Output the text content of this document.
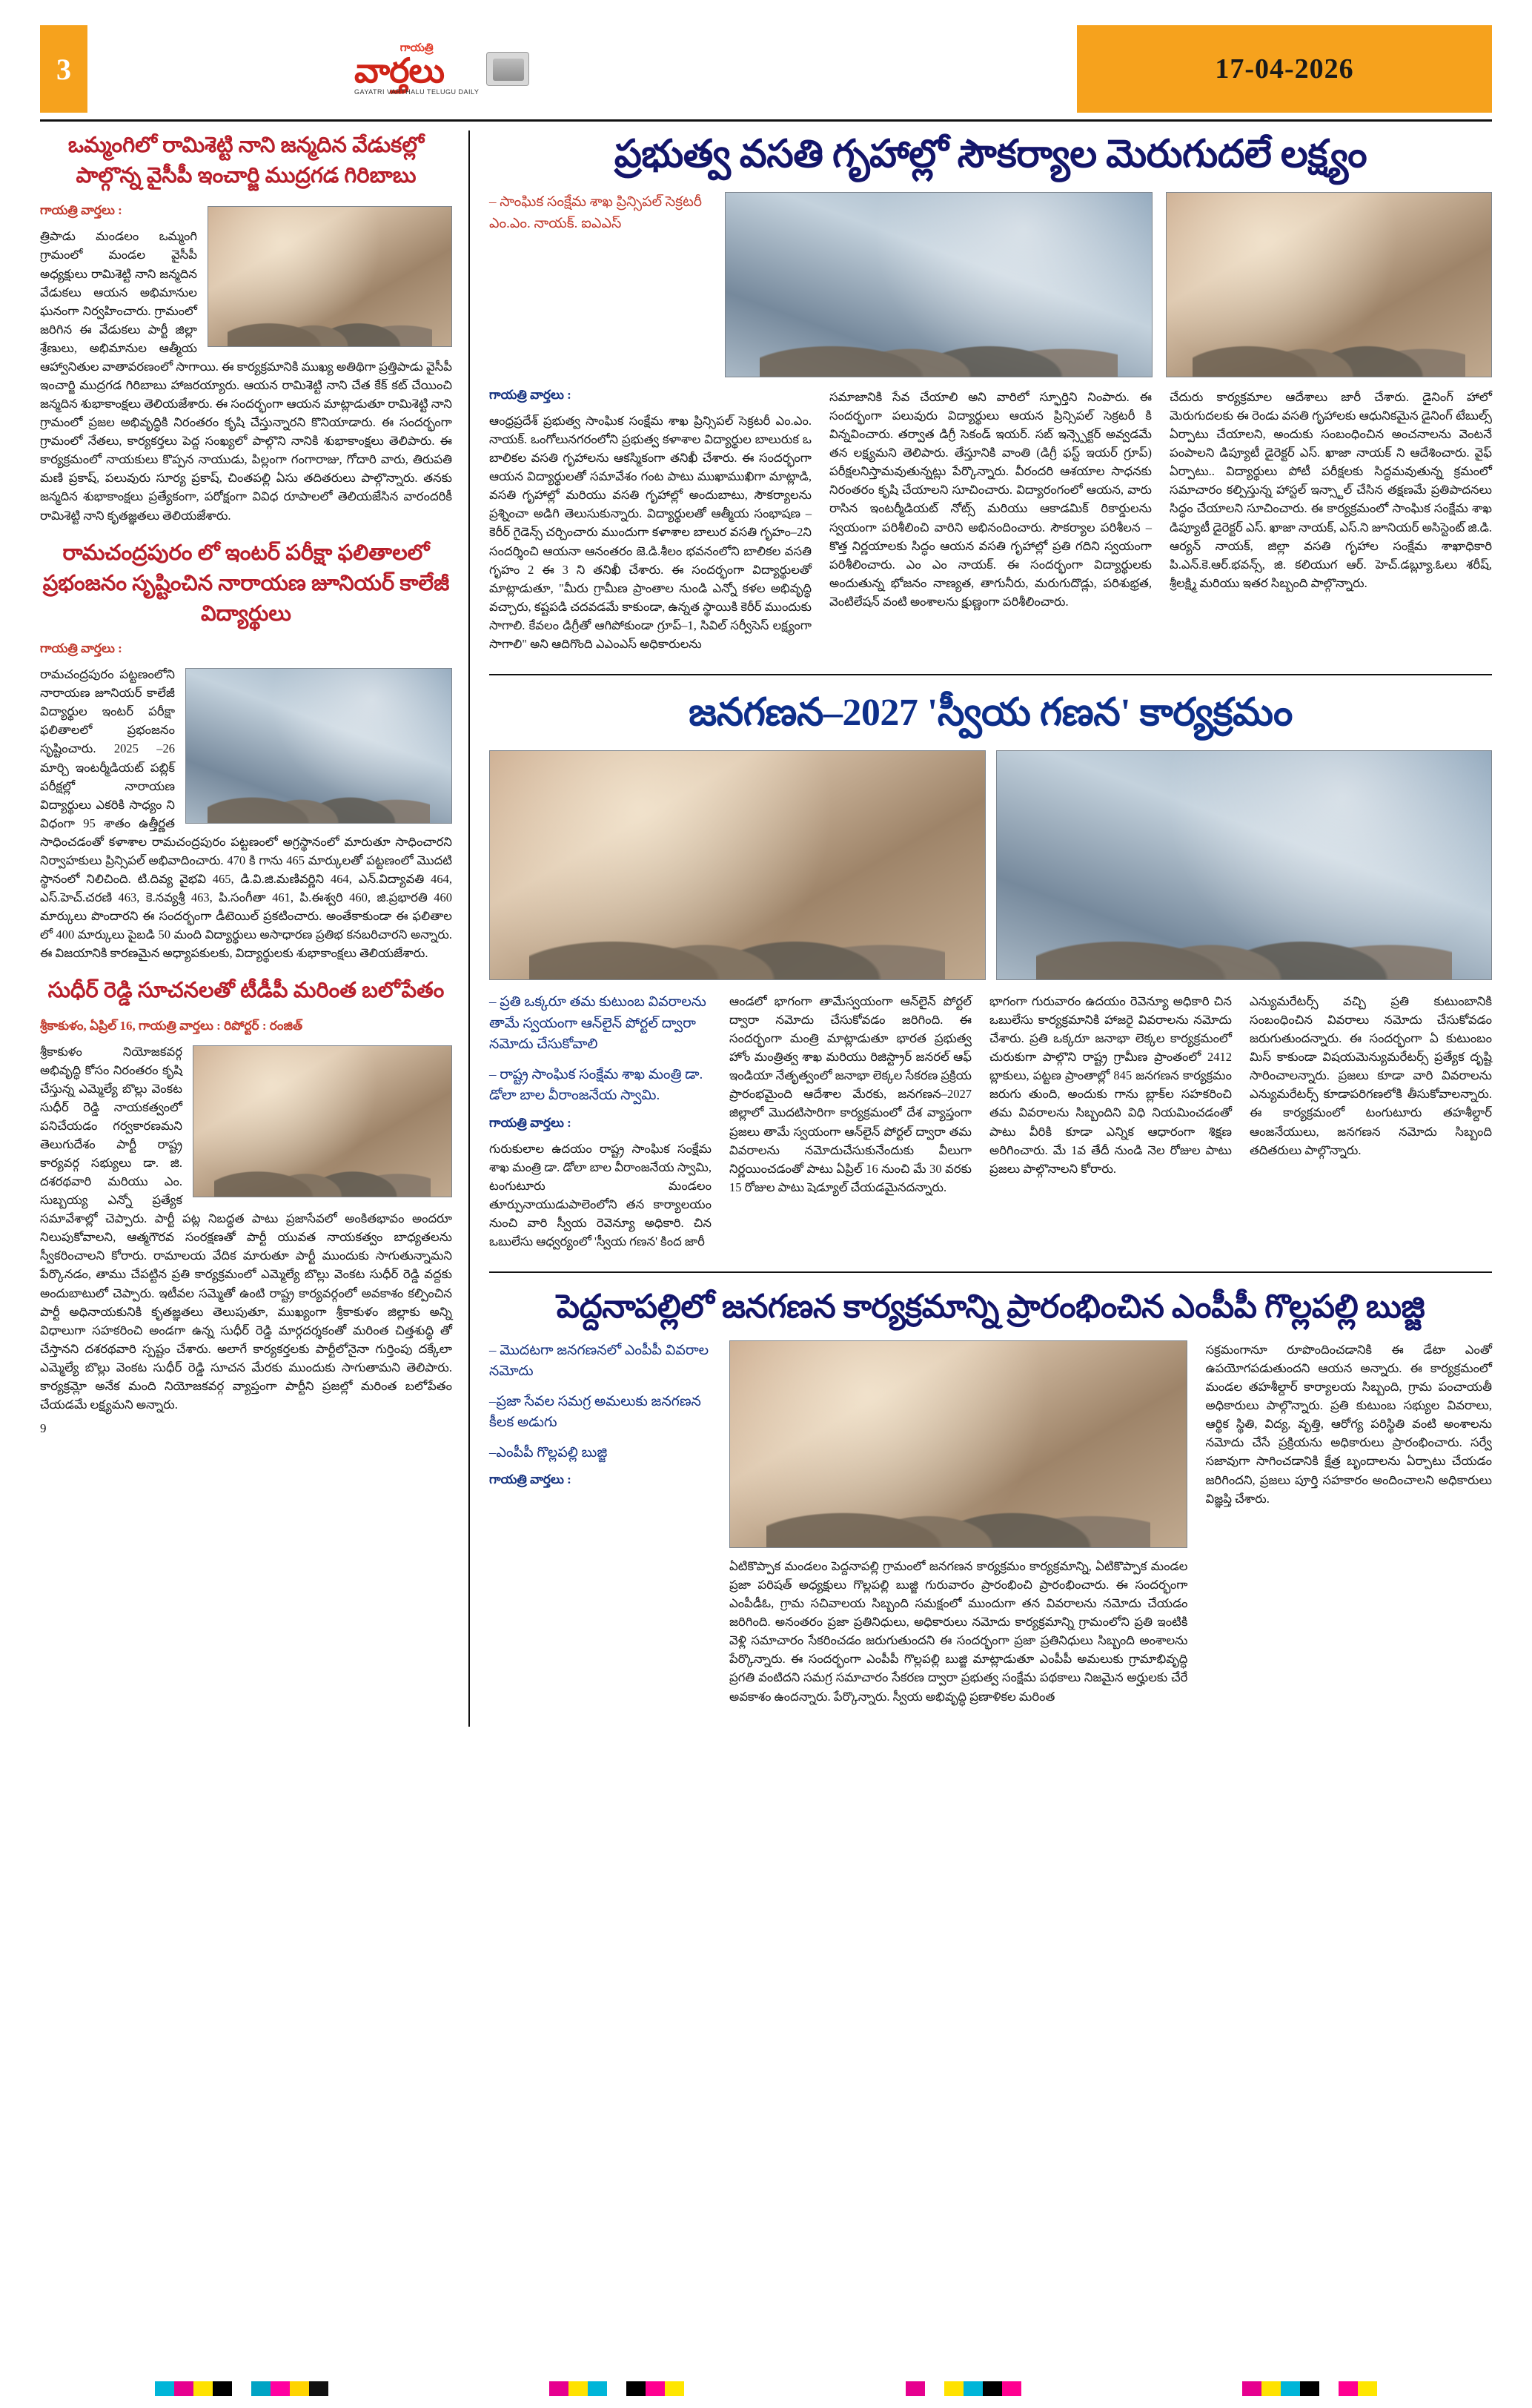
3
గాయత్రి
వార్తలు
GAYATRI VARTHALU TELUGU DAILY
17-04-2026
ఒమ్మంగిలో రామిశెట్టి నాని జన్మదిన వేడుకల్లో పాల్గొన్న వైసీపీ ఇంచార్జి ముద్రగడ గిరిబాబు
గాయత్రి వార్తలు :

త్రిపాడు మండలం ఒమ్మంగి గ్రామంలో మండల వైసీపీ అధ్యక్షులు రామిశెట్టి నాని జన్మదిన వేడుకలు ఆయన అభిమానుల ఘనంగా నిర్వహించారు. గ్రామంలో జరిగిన ఈ వేడుకలు పార్టీ జిల్లా శ్రేణులు, అభిమానుల ఆత్మీయ ఆహ్వానితుల వాతావరణంలో సాగాయి. ఈ కార్యక్రమానికి ముఖ్య అతిథిగా ప్రత్తిపాడు వైసీపీ ఇంచార్జి ముద్రగడ గిరిబాబు హాజరయ్యారు. ఆయన రామిశెట్టి నాని చేత కేక్ కట్ చేయించి జన్మదిన శుభాకాంక్షలు తెలియజేశారు. ఈ సందర్భంగా ఆయన మాట్లాడుతూ రామిశెట్టి నాని గ్రామంలో ప్రజల అభివృద్ధికి నిరంతరం కృషి చేస్తున్నారని కొనియాడారు. ఈ సందర్భంగా గ్రామంలో నేతలు, కార్యకర్తలు పెద్ద సంఖ్యలో పాల్గొని నానికి శుభాకాంక్షలు తెలిపారు. ఈ కార్యక్రమంలో నాయకులు కొప్పన నాయుడు, పిల్లంగా గంగారాజు, గోదారి వారు, తిరుపతి మణి ప్రకాష్, పలువురు సూర్య ప్రకాష్, చింతపల్లి ఏసు తదితరులు పాల్గొన్నారు. తనకు జన్మదిన శుభాకాంక్షలు ప్రత్యేకంగా, పరోక్షంగా వివిధ రూపాలలో తెలియజేసిన వారందరికీ రామిశెట్టి నాని కృతజ్ఞతలు తెలియజేశారు.

రామచంద్రపురం లో ఇంటర్ పరీక్షా ఫలితాలలో ప్రభంజనం సృష్టించిన నారాయణ జూనియర్ కాలేజీ విద్యార్థులు
గాయత్రి వార్తలు :

రామచంద్రపురం పట్టణంలోని నారాయణ జూనియర్ కాలేజీ విద్యార్థుల ఇంటర్ పరీక్షా ఫలితాలలో ప్రభంజనం సృష్టించారు. 2025 –26 మార్చి ఇంటర్మీడియట్ పబ్లిక్ పరీక్షల్లో నారాయణ విద్యార్థులు ఎకరికి సాధ్యం ని విధంగా 95 శాతం ఉత్తీర్ణత సాధించడంతో కళాశాల రామచంద్రపురం పట్టణంలో అగ్రస్థానంలో మారుతూ సాధించారని నిర్వాహకులు ప్రిన్సిపల్ అభివాదించారు. 470 కి గాను 465 మార్కులతో పట్టణంలో మొదటి స్థానంలో నిలిచింది. టి.దివ్య వైభవి 465, డి.వి.జి.మణివర్ణిని 464, ఎన్.విద్యావతి 464, ఎస్.హెచ్.చరణి 463, కె.నవ్యశ్రీ 463, పి.సంగీతా 461, పి.ఈశ్వరి 460, జి.ప్రభారతి 460 మార్కులు పొందారని ఈ సందర్భంగా డీటెయిల్ ప్రకటించారు. అంతేకాకుండా ఈ ఫలితాల లో 400 మార్కులు పైబడి 50 మంది విద్యార్థులు అసాధారణ ప్రతిభ కనబరిచారని అన్నారు. ఈ విజయానికి కారణమైన అధ్యాపకులకు, విద్యార్థులకు శుభాకాంక్షలు తెలియజేశారు.

సుధీర్ రెడ్డి సూచనలతో టీడీపీ మరింత బలోపేతం
శ్రీకాకుళం, ఏప్రిల్ 16, గాయత్రి వార్తలు : రిపోర్టర్ : రంజిత్

శ్రీకాకుళం నియోజకవర్గ అభివృద్ధి కోసం నిరంతరం కృషి చేస్తున్న ఎమ్మెల్యే బొల్లు వెంకట సుధీర్ రెడ్డి నాయకత్వంలో పనిచేయడం గర్వకారణమని తెలుగుదేశం పార్టీ రాష్ట్ర కార్యవర్గ సభ్యులు డా. జి. దశరథవారి మరియు ఎం. సుబ్బయ్య ఎన్నో ప్రత్యేక సమావేశాల్లో చెప్పారు. పార్టీ పట్ల నిబద్ధత పాటు ప్రజాసేవలో అంకితభావం అందరూ నిలుపుకోవాలని, ఆత్మగౌరవ సంరక్షణతో పార్టీ యువత నాయకత్వం బాధ్యతలను స్వీకరించాలని కోరారు. రామాలయ వేదిక మారుతూ పార్టీ ముందుకు సాగుతున్నామని పేర్కొనడం, తాము చేపట్టిన ప్రతి కార్యక్రమంలో ఎమ్మెల్యే బొల్లు వెంకట సుధీర్ రెడ్డి వద్దకు అందుబాటులో చెప్పారు. ఇటీవల సమ్మెతో ఉంటి రాష్ట్ర కార్యవర్గంలో అవకాశం కల్పించిన పార్టీ అధినాయకునికి కృతజ్ఞతలు తెలుపుతూ, ముఖ్యంగా శ్రీకాకుళం జిల్లాకు అన్ని విధాలుగా సహకరించి అండగా ఉన్న సుధీర్ రెడ్డి మార్గదర్శకంతో మరింత చిత్తశుద్ధి తో చేస్తానని దశరథవారి స్పష్టం చేశారు. అలాగే కార్యకర్తలకు పార్టీలోనైనా గుర్తింపు దక్కేలా ఎమ్మెల్యే బొల్లు వెంకట సుధీర్ రెడ్డి సూచన మేరకు ముందుకు సాగుతామని తెలిపారు. కార్యక్రమ్లో అనేక మంది నియోజకవర్గ వ్యాప్తంగా పార్టీని ప్రజల్లో మరింత బలోపేతం చేయడమే లక్ష్యమని అన్నారు.

9
ప్రభుత్వ వసతి గృహాల్లో సౌకర్యాల మెరుగుదలే లక్ష్యం
– సాంఘిక సంక్షేమ శాఖ ప్రిన్సిపల్ సెక్రటరీ ఎం.ఎం. నాయక్. ఐఎఎస్
గాయత్రి వార్తలు :

ఆంధ్రప్రదేశ్ ప్రభుత్వ సాంఘిక సంక్షేమ శాఖ ప్రిన్సిపల్ సెక్రటరీ ఎం.ఎం. నాయక్. ఒంగోలునగరంలోని ప్రభుత్వ కళాశాల విద్యార్థుల బాలురుక ఒ బాలికల వసతి గృహాలను ఆకస్మికంగా తనిఖీ చేశారు. ఈ సందర్భంగా ఆయన విద్యార్థులతో సమావేశం గంట పాటు ముఖాముఖిగా మాట్లాడి, వసతి గృహాల్లో మరియు వసతి గృహాల్లో అందుబాటు, సౌకర్యాలను ప్రశ్నించా అడిగి తెలుసుకున్నారు. విద్యార్థులతో ఆత్మీయ సంభాషణ – కెరీర్ గైడెన్స్ చర్చించారు ముందుగా కళాశాల బాలుర వసతి గృహం–2ని సందర్శించి ఆయనా ఆనంతరం జె.డి.శీలం భవనంలోని బాలికల వసతి గృహం 2 ఈ 3 ని తనిఖీ చేశారు. ఈ సందర్భంగా విద్యార్థులతో మాట్లాడుతూ, "మీరు గ్రామీణ ప్రాంతాల నుండి ఎన్నో కళల అభివృద్ధి వచ్చారు, కష్టపడి చదవడమే కాకుండా, ఉన్నత స్థాయికి కెరీర్ ముందుకు సాగాలి. కేవలం డిగ్రీతో ఆగిపోకుండా గ్రూప్–1, సివిల్ సర్వీసెస్ లక్ష్యంగా సాగాలి" అని ఆదిగొంది ఎఎంఎస్ అధికారులను

సమాజానికి సేవ చేయాలి అని వారిలో స్ఫూర్తిని నింపారు. ఈ సందర్భంగా పలువురు విద్యార్థులు ఆయన ప్రిన్సిపల్ సెక్రటరీ కి విన్నవించారు. తర్వాత డిగ్రీ సెకండ్ ఇయర్. సబ్ ఇన్స్పెక్టర్ అవ్వడమే తన లక్ష్యమని తెలిపారు. తేస్తూనికి వాంతి (డిగ్రీ ఫస్ట్ ఇయర్ గ్రూప్) పరీక్షలనిస్తామవుతున్నట్లు పేర్కొన్నారు. వీరందరి ఆశయాల సాధనకు నిరంతరం కృషి చేయాలని సూచించారు. విద్యారంగంలో ఆయన, వారు రాసిన ఇంటర్మీడియట్ నోట్స్ మరియు ఆకాడమిక్ రికార్డులను స్వయంగా పరిశీలించి వారిని అభినందించారు. సౌకర్యాల పరిశీలన – కొత్త నిర్ణయాలకు సిద్ధం ఆయన వసతి గృహాల్లో ప్రతి గదిని స్వయంగా పరిశీలించారు. ఎం ఎం నాయక్. ఈ సందర్భంగా విద్యార్థులకు అందుతున్న భోజనం నాణ్యత, తాగునీరు, మరుగుదొడ్లు, పరిశుభ్రత, వెంటిలేషన్ వంటి అంశాలను క్షుణ్ణంగా పరిశీలించారు.

చేదురు కార్యక్రమాల ఆదేశాలు జారీ చేశారు. డైనింగ్ హాలో మెరుగుదలకు ఈ రెండు వసతి గృహాలకు ఆధునికమైన డైనింగ్ టేబుల్స్ ఏర్పాటు చేయాలని, అందుకు సంబంధించిన అంచనాలను వెంటనే పంపాలని డిప్యూటీ డైరెక్టర్ ఎస్. ఖాజా నాయక్ ని ఆదేశించారు. వైఫ్ ఏర్పాటు.. విద్యార్థులు పోటీ పరీక్షలకు సిద్ధమవుతున్న క్రమంలో సమాచారం కల్పిస్తున్న హాస్టల్ ఇన్స్టాల్ చేసిన తక్షణమే ప్రతిపాదనలు సిద్ధం చేయాలని సూచించారు. ఈ కార్యక్రమంలో సాంఘిక సంక్షేమ శాఖ డిప్యూటీ డైరెక్టర్ ఎస్. ఖాజా నాయక్, ఎస్.ని జూనియర్ అసిస్టెంట్ జి.డి. ఆర్యన్ నాయక్, జిల్లా వసతి గృహాల సంక్షేమ శాఖాధికారి పి.ఎన్.కె.ఆర్.భవన్స్, జి. కలియుగ ఆర్. హెచ్.డబ్ల్యూ.ఓలు శరీష్, శ్రీలక్ష్మి మరియు ఇతర సిబ్బంది పాల్గొన్నారు.

జనగణన–2027 'స్వీయ గణన' కార్యక్రమం
– ప్రతి ఒక్కరూ తమ కుటుంబ వివరాలను తామే స్వయంగా ఆన్‌లైన్ పోర్టల్ ద్వారా నమోదు చేసుకోవాలి
– రాష్ట్ర సాంఘిక సంక్షేమ శాఖ మంత్రి డా. డోలా బాల వీరాంజనేయ స్వామి.
గాయత్రి వార్తలు :

గురుకులాల ఉదయం రాష్ట్ర సాంఘిక సంక్షేమ శాఖ మంత్రి డా. డోలా బాల వీరాంజనేయ స్వామి, టంగుటూరు మండలం తూర్పునాయుడుపాలెంలోని తన కార్యాలయం నుంచి వారి స్వీయ రెవెన్యూ అధికారి. చిన ఒబులేసు ఆధ్వర్యంలో 'స్వీయ గణన' కింద జారీ

ఆండలో భాగంగా తామేస్వయంగా ఆన్‌లైన్ పోర్టల్ ద్వారా నమోదు చేసుకోవడం జరిగింది. ఈ సందర్భంగా మంత్రి మాట్లాడుతూ భారత ప్రభుత్వ హోం మంత్రిత్వ శాఖ మరియు రిజిస్ట్రార్ జనరల్ ఆఫ్ ఇండియా నేతృత్వంలో జనాభా లెక్కల సేకరణ ప్రక్రియ ప్రారంభమైంది ఆదేశాల మేరకు, జనగణన–2027 జిల్లాలో మొదటిసారిగా కార్యక్రమంలో దేశ వ్యాప్తంగా ప్రజలు తామే స్వయంగా ఆన్‌లైన్ పోర్టల్ ద్వారా తమ వివరాలను నమోదుచేసుకునేందుకు వీలుగా నిర్ణయించడంతో పాటు ఏప్రిల్ 16 నుంచి మే 30 వరకు 15 రోజుల పాటు షెడ్యూల్ చేయడమైనదన్నారు.

భాగంగా గురువారం ఉదయం రెవెన్యూ అధికారి చిన ఒబులేసు కార్యక్రమానికి హాజరై వివరాలను నమోదు చేశారు. ప్రతి ఒక్కరూ జనాభా లెక్కల కార్యక్రమంలో చురుకుగా పాల్గొని రాష్ట్ర గ్రామీణ ప్రాంతంలో 2412 బ్లాకులు, పట్టణ ప్రాంతాల్లో 845 జనగణన కార్యక్రమం జరుగు తుంది, అందుకు గాను బ్లాక్‌ల సహకరించి తమ వివరాలను సిబ్బందిని విధి నియమించడంతో పాటు వీరికి కూడా ఎన్నిక ఆధారంగా శిక్షణ అరిగించారు. మే 1వ తేదీ నుండి నెల రోజుల పాటు ప్రజలు పాల్గొనాలని కోరారు.

ఎన్యుమరేటర్స్ వచ్చి ప్రతి కుటుంబానికి సంబంధించిన వివరాలు నమోదు చేసుకోవడం జరుగుతుందన్నారు. ఈ సందర్భంగా ఏ కుటుంబం మిస్ కాకుండా విషయమెన్యుమరేటర్స్ ప్రత్యేక దృష్టి సారించాలన్నారు. ప్రజలు కూడా వారి వివరాలను ఎన్యుమరేటర్స్ కూడాపరిగణలోకి తీసుకోవాలన్నారు. ఈ కార్యక్రమంలో టంగుటూరు తహశీల్దార్ ఆంజనేయులు, జనగణన నమోదు సిబ్బంది తదితరులు పాల్గొన్నారు.

పెద్దనాపల్లిలో జనగణన కార్యక్రమాన్ని ప్రారంభించిన ఎంపీపీ గొల్లపల్లి బుజ్జి
– మొదటగా జనగణనలో ఎంపీపీ వివరాల నమోదు
–ప్రజా సేవల సమగ్ర అమలుకు జనగణన కీలక అడుగు
–ఎంపీపీ గొల్లపల్లి బుజ్జి
గాయత్రి వార్తలు :

ఏటికొప్పాక మండలం పెద్దనాపల్లి గ్రామంలో జనగణన కార్యక్రమం కార్యక్రమాన్ని, ఏటికొప్పాక మండల ప్రజా పరిషత్ అధ్యక్షులు గొల్లపల్లి బుజ్జి గురువారం ప్రారంభించి ప్రారంభించారు. ఈ సందర్భంగా ఎంపీడీఓ, గ్రామ సచివాలయ సిబ్బంది సమక్షంలో ముందుగా తన వివరాలను నమోదు చేయడం జరిగింది. అనంతరం ప్రజా ప్రతినిధులు, అధికారులు నమోదు కార్యక్రమాన్ని గ్రామంలోని ప్రతి ఇంటికి వెళ్లి సమాచారం సేకరించడం జరుగుతుందని ఈ సందర్భంగా ప్రజా ప్రతినిధులు సిబ్బంది అంశాలను పేర్కొన్నారు. ఈ సందర్భంగా ఎంపీపీ గొల్లపల్లి బుజ్జి మాట్లాడుతూ ఎంపీపీ అమలుకు గ్రామాభివృద్ధి ప్రగతి వంటిదని సమగ్ర సమాచారం సేకరణ ద్వారా ప్రభుత్వ సంక్షేమ పథకాలు నిజమైన అర్హులకు చేరే అవకాశం ఉందన్నారు. పేర్కొన్నారు. స్వీయ అభివృద్ధి ప్రణాళికల మరింత

సక్రమంగానూ రూపొందించడానికి ఈ డేటా ఎంతో ఉపయోగపడుతుందని ఆయన అన్నారు. ఈ కార్యక్రమంలో మండల తహశీల్దార్ కార్యాలయ సిబ్బంది, గ్రామ పంచాయతీ అధికారులు పాల్గొన్నారు. ప్రతి కుటుంబ సభ్యుల వివరాలు, ఆర్థిక స్థితి, విద్య, వృత్తి, ఆరోగ్య పరిస్థితి వంటి అంశాలను నమోదు చేసే ప్రక్రియను అధికారులు ప్రారంభించారు. సర్వే సజావుగా సాగించడానికి క్షేత్ర బృందాలను ఏర్పాటు చేయడం జరిగిందని, ప్రజలు పూర్తి సహకారం అందించాలని అధికారులు విజ్ఞప్తి చేశారు.
